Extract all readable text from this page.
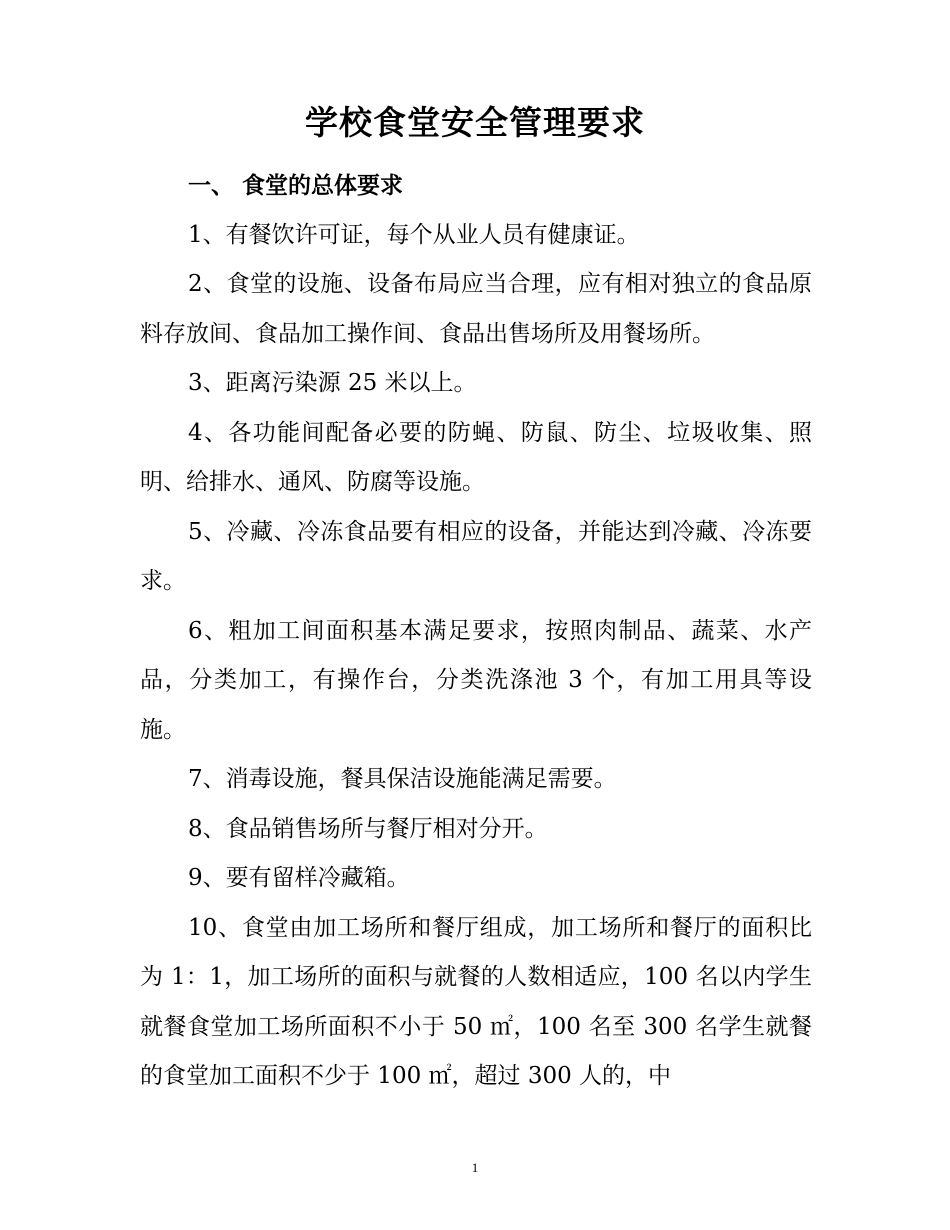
学校食堂安全管理要求

一、 食堂的总体要求

1、有餐饮许可证，每个从业人员有健康证。

2、食堂的设施、设备布局应当合理，应有相对独立的食品原料存放间、食品加工操作间、食品出售场所及用餐场所。

3、距离污染源 25 米以上。

4、各功能间配备必要的防蝇、防鼠、防尘、垃圾收集、照明、给排水、通风、防腐等设施。

5、冷藏、冷冻食品要有相应的设备，并能达到冷藏、冷冻要求。

6、粗加工间面积基本满足要求，按照肉制品、蔬菜、水产品，分类加工，有操作台，分类洗涤池 3 个，有加工用具等设施。

7、消毒设施，餐具保洁设施能满足需要。

8、食品销售场所与餐厅相对分开。

9、要有留样冷藏箱。

10、食堂由加工场所和餐厅组成，加工场所和餐厅的面积比为 1：1，加工场所的面积与就餐的人数相适应，100 名以内学生就餐食堂加工场所面积不小于 50 ㎡，100 名至 300 名学生就餐的食堂加工面积不少于 100 ㎡，超过 300 人的，中

1
